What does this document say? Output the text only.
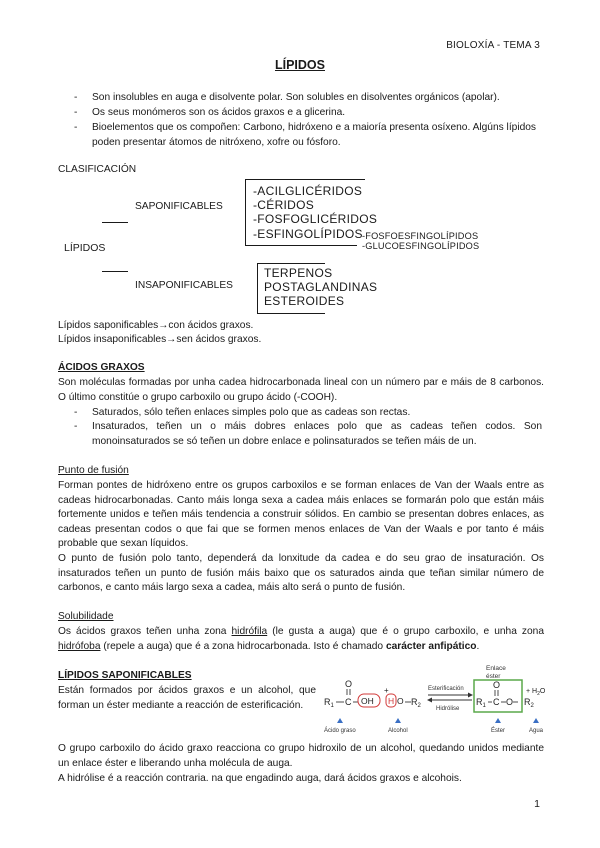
BIOLOXÍA - TEMA 3
LÍPIDOS
- Son insolubles en auga e disolvente polar. Son solubles en disolventes orgánicos (apolar).
- Os seus monómeros son os ácidos graxos e a glicerina.
- Bioelementos que os compoñen: Carbono, hidróxeno e a maioría presenta osíxeno. Algúns lípidos poden presentar átomos de nitróxeno, xofre ou fósforo.
CLASIFICACIÓN
LÍPIDOS
SAPONIFICABLES
-ACILGLICÉRIDOS
-CÉRIDOS
-FOSFOGLICÉRIDOS
-ESFINGOLÍPIDOS -FOSFOESFINGOLÍPIDOS
-GLUCOESFINGOLÍPIDOS
INSAPONIFICABLES
TERPENOS
POSTAGLANDINAS
ESTEROIDES
Lípidos saponificables→con ácidos graxos.
Lípidos insaponificables→sen ácidos graxos.
ÁCIDOS GRAXOS
Son moléculas formadas por unha cadea hidrocarbonada lineal con un número par e máis de 8 carbonos. O último constitúe o grupo carboxilo ou grupo ácido (-COOH).
- Saturados, sólo teñen enlaces simples polo que as cadeas son rectas.
- Insaturados, teñen un o máis dobres enlaces polo que as cadeas teñen codos. Son monoinsaturados se só teñen un dobre enlace e polinsaturados se teñen máis de un.
Punto de fusión
Forman pontes de hidróxeno entre os grupos carboxilos e se forman enlaces de Van der Waals entre as cadeas hidrocarbonadas. Canto máis longa sexa a cadea máis enlaces se formarán polo que están máis fortemente unidos e teñen máis tendencia a construir sólidos. En cambio se presentan dobres enlaces, as cadeas presentan codos o que fai que se formen menos enlaces de Van der Waals e por tanto é máis probable que sexan líquidos.
O punto de fusión polo tanto, dependerá da lonxitude da cadea e do seu grao de insaturación. Os insaturados teñen un punto de fusión máis baixo que os saturados ainda que teñan similar número de carbonos, e canto máis largo sexa a cadea, máis alto será o punto de fusión.
Solubilidade
Os ácidos graxos teñen unha zona hidrófila (le gusta a auga) que é o grupo carboxilo, e unha zona hidrófoba (repele a auga) que é a zona hidrocarbonada. Isto é chamado carácter anfipático.
LÍPIDOS SAPONIFICABLES
Están formados por ácidos graxos e un alcohol, que forman un éster mediante a reacción de esterificación.
Enlace
éster
$R_1$ C
O
OH
+
H O $R_2$
Esterificación
Hidrólise
$R_1$ C
O
O $R_2$
+ $H_2O$
Ácido graso	Alcohol	Éster	Agua
O grupo carboxilo do ácido graxo reacciona co grupo hidroxilo de un alcohol, quedando unidos mediante un enlace éster e liberando unha molécula de auga.
A hidrólise é a reacción contraria. na que engadindo auga, dará ácidos graxos e alcohois.
1
